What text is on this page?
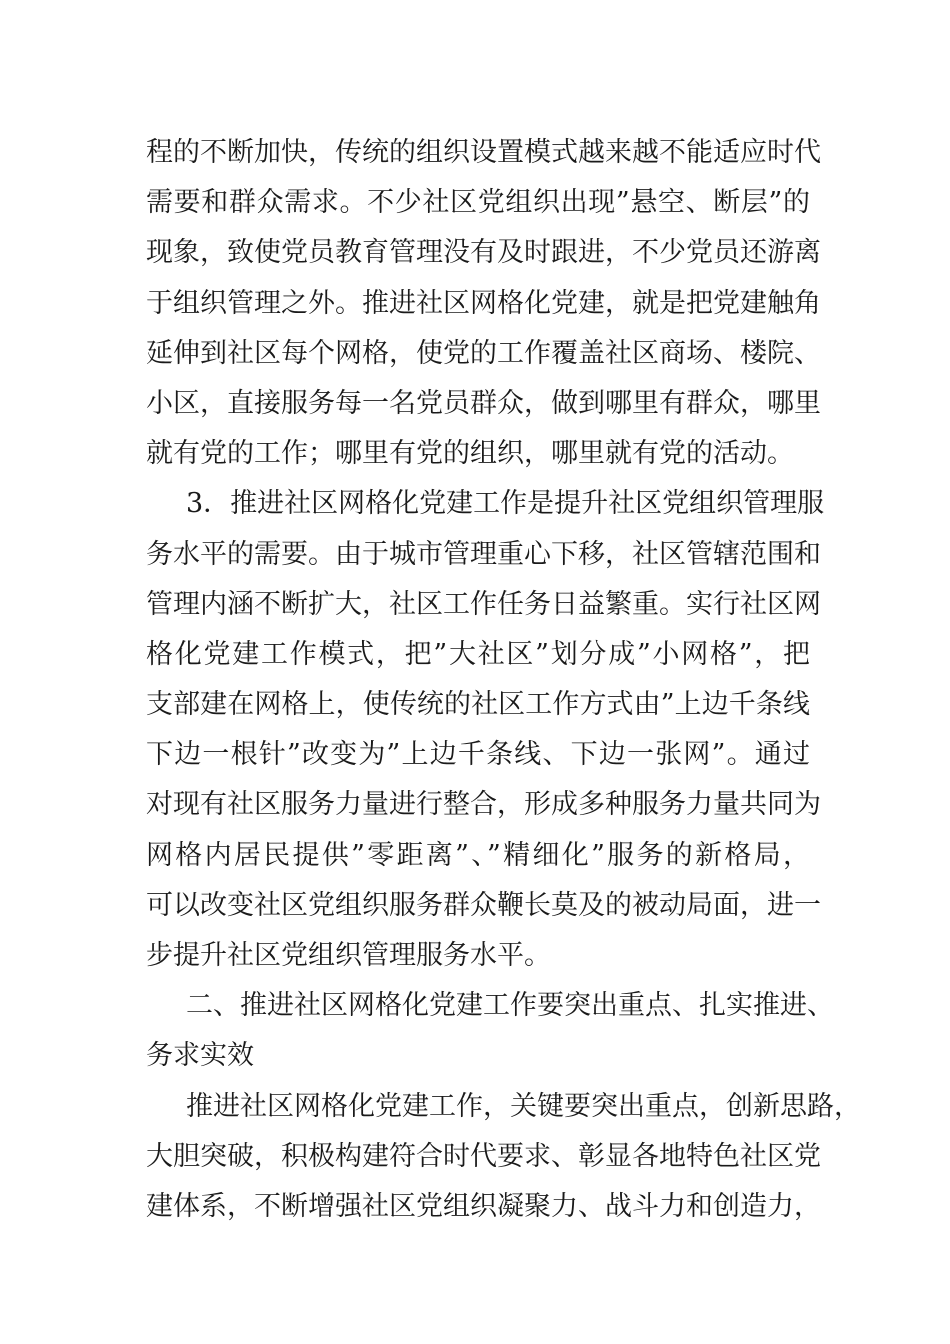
程的不断加快，传统的组织设置模式越来越不能适应时代
需要和群众需求。不少社区党组织出现”悬空、断层”的
现象，致使党员教育管理没有及时跟进，不少党员还游离
于组织管理之外。推进社区网格化党建，就是把党建触角
延伸到社区每个网格，使党的工作覆盖社区商场、楼院、
小区，直接服务每一名党员群众，做到哪里有群众，哪里
就有党的工作；哪里有党的组织，哪里就有党的活动。
3．推进社区网格化党建工作是提升社区党组织管理服
务水平的需要。由于城市管理重心下移，社区管辖范围和
管理内涵不断扩大，社区工作任务日益繁重。实行社区网
格化党建工作模式，把”大社区”划分成”小网格”，把
支部建在网格上，使传统的社区工作方式由”上边千条线
下边一根针”改变为”上边千条线、下边一张网”。通过
对现有社区服务力量进行整合，形成多种服务力量共同为
网格内居民提供”零距离”、”精细化”服务的新格局，
可以改变社区党组织服务群众鞭长莫及的被动局面，进一
步提升社区党组织管理服务水平。
二、推进社区网格化党建工作要突出重点、扎实推进、
务求实效
推进社区网格化党建工作，关键要突出重点，创新思路，
大胆突破，积极构建符合时代要求、彰显各地特色社区党
建体系，不断增强社区党组织凝聚力、战斗力和创造力，
